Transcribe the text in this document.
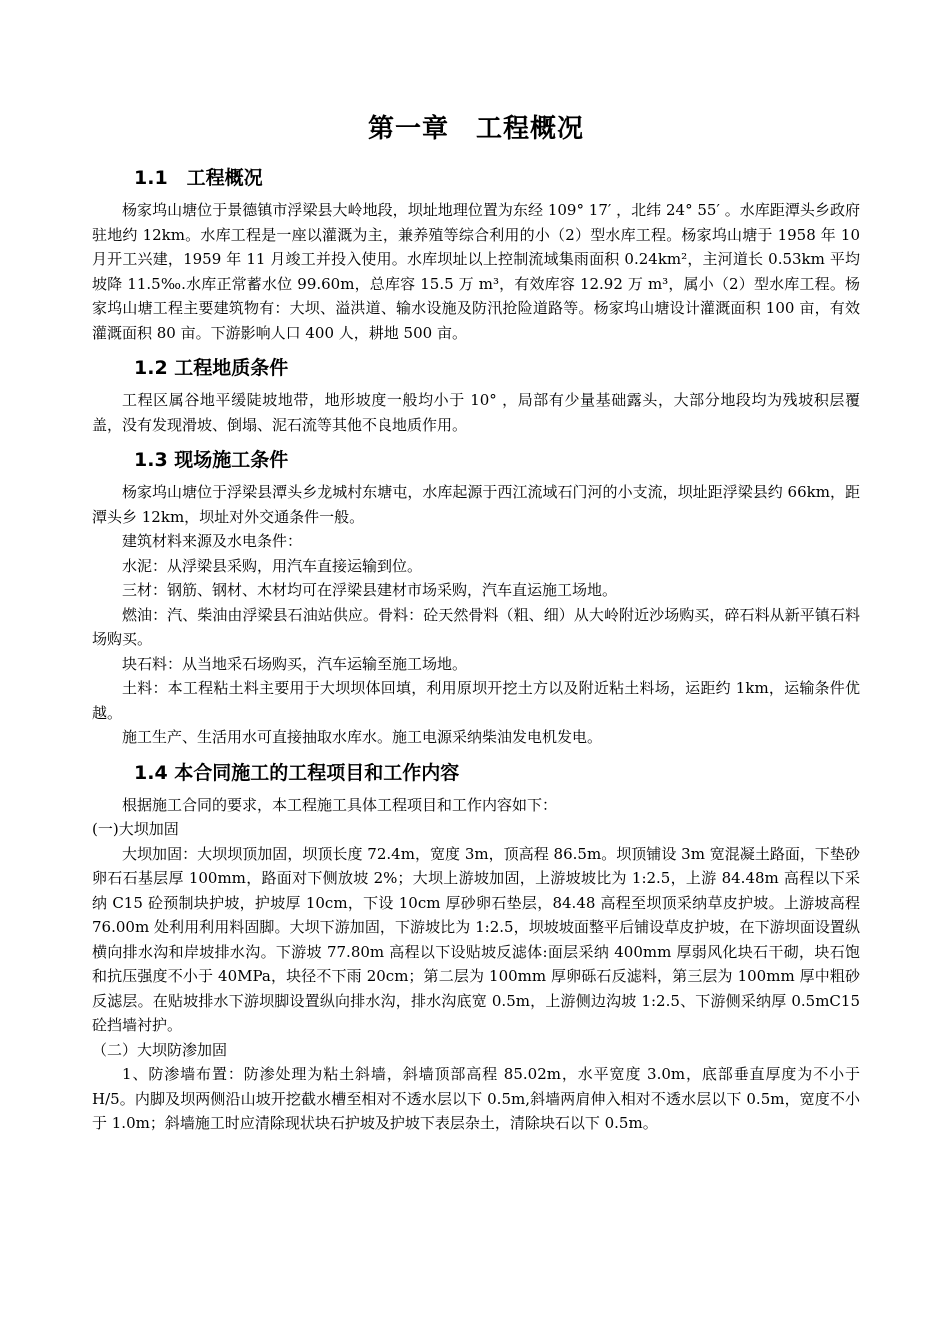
第一章　工程概况
1.1　工程概况

杨家坞山塘位于景德镇市浮梁县大岭地段，坝址地理位置为东经 109° 17′ ，北纬 24° 55′ 。水库距潭头乡政府驻地约 12km。水库工程是一座以灌溉为主，兼养殖等综合利用的小（2）型水库工程。杨家坞山塘于 1958 年 10 月开工兴建，1959 年 11 月竣工并投入使用。水库坝址以上控制流域集雨面积 0.24km²，主河道长 0.53km 平均坡降 11.5‰.水库正常蓄水位 99.60m，总库容 15.5 万 m³，有效库容 12.92 万 m³，属小（2）型水库工程。杨家坞山塘工程主要建筑物有：大坝、溢洪道、输水设施及防汛抢险道路等。杨家坞山塘设计灌溉面积 100 亩，有效灌溉面积 80 亩。下游影响人口 400 人，耕地 500 亩。

1.2 工程地质条件

工程区属谷地平缓陡坡地带，地形坡度一般均小于 10° ，局部有少量基础露头，大部分地段均为残坡积层覆盖，没有发现滑坡、倒塌、泥石流等其他不良地质作用。

1.3 现场施工条件

杨家坞山塘位于浮梁县潭头乡龙城村东塘屯，水库起源于西江流域石门河的小支流，坝址距浮梁县约 66km，距潭头乡 12km，坝址对外交通条件一般。

建筑材料来源及水电条件：

水泥：从浮梁县采购，用汽车直接运输到位。

三材：钢筋、钢材、木材均可在浮梁县建材市场采购，汽车直运施工场地。

燃油：汽、柴油由浮梁县石油站供应。骨料：砼天然骨料（粗、细）从大岭附近沙场购买，碎石料从新平镇石料场购买。

块石料：从当地采石场购买，汽车运输至施工场地。

土料：本工程粘土料主要用于大坝坝体回填，利用原坝开挖土方以及附近粘土料场，运距约 1km，运输条件优越。

施工生产、生活用水可直接抽取水库水。施工电源采纳柴油发电机发电。

1.4 本合同施工的工程项目和工作内容

根据施工合同的要求，本工程施工具体工程项目和工作内容如下：

(一)大坝加固

大坝加固：大坝坝顶加固，坝顶长度 72.4m，宽度 3m，顶高程 86.5m。坝顶铺设 3m 宽混凝土路面，下垫砂卵石石基层厚 100mm，路面对下侧放坡 2%；大坝上游坡加固，上游坡坡比为 1:2.5，上游 84.48m 高程以下采纳 C15 砼预制块护坡，护坡厚 10cm，下设 10cm 厚砂卵石垫层，84.48 高程至坝顶采纳草皮护坡。上游坡高程 76.00m 处利用利用料固脚。大坝下游加固，下游坡比为 1:2.5，坝坡坡面整平后铺设草皮护坡，在下游坝面设置纵横向排水沟和岸坡排水沟。下游坡 77.80m 高程以下设贴坡反滤体:面层采纳 400mm 厚弱风化块石干砌，块石饱和抗压强度不小于 40MPa，块径不下雨 20cm；第二层为 100mm 厚卵砾石反滤料，第三层为 100mm 厚中粗砂反滤层。在贴坡排水下游坝脚设置纵向排水沟，排水沟底宽 0.5m，上游侧边沟坡 1:2.5、下游侧采纳厚 0.5mC15 砼挡墙衬护。

（二）大坝防渗加固

1、防渗墙布置：防渗处理为粘土斜墙，斜墙顶部高程 85.02m，水平宽度 3.0m，底部垂直厚度为不小于 H/5。内脚及坝两侧沿山坡开挖截水槽至相对不透水层以下 0.5m,斜墙两肩伸入相对不透水层以下 0.5m，宽度不小于 1.0m；斜墙施工时应清除现状块石护坡及护坡下表层杂土，清除块石以下 0.5m。
